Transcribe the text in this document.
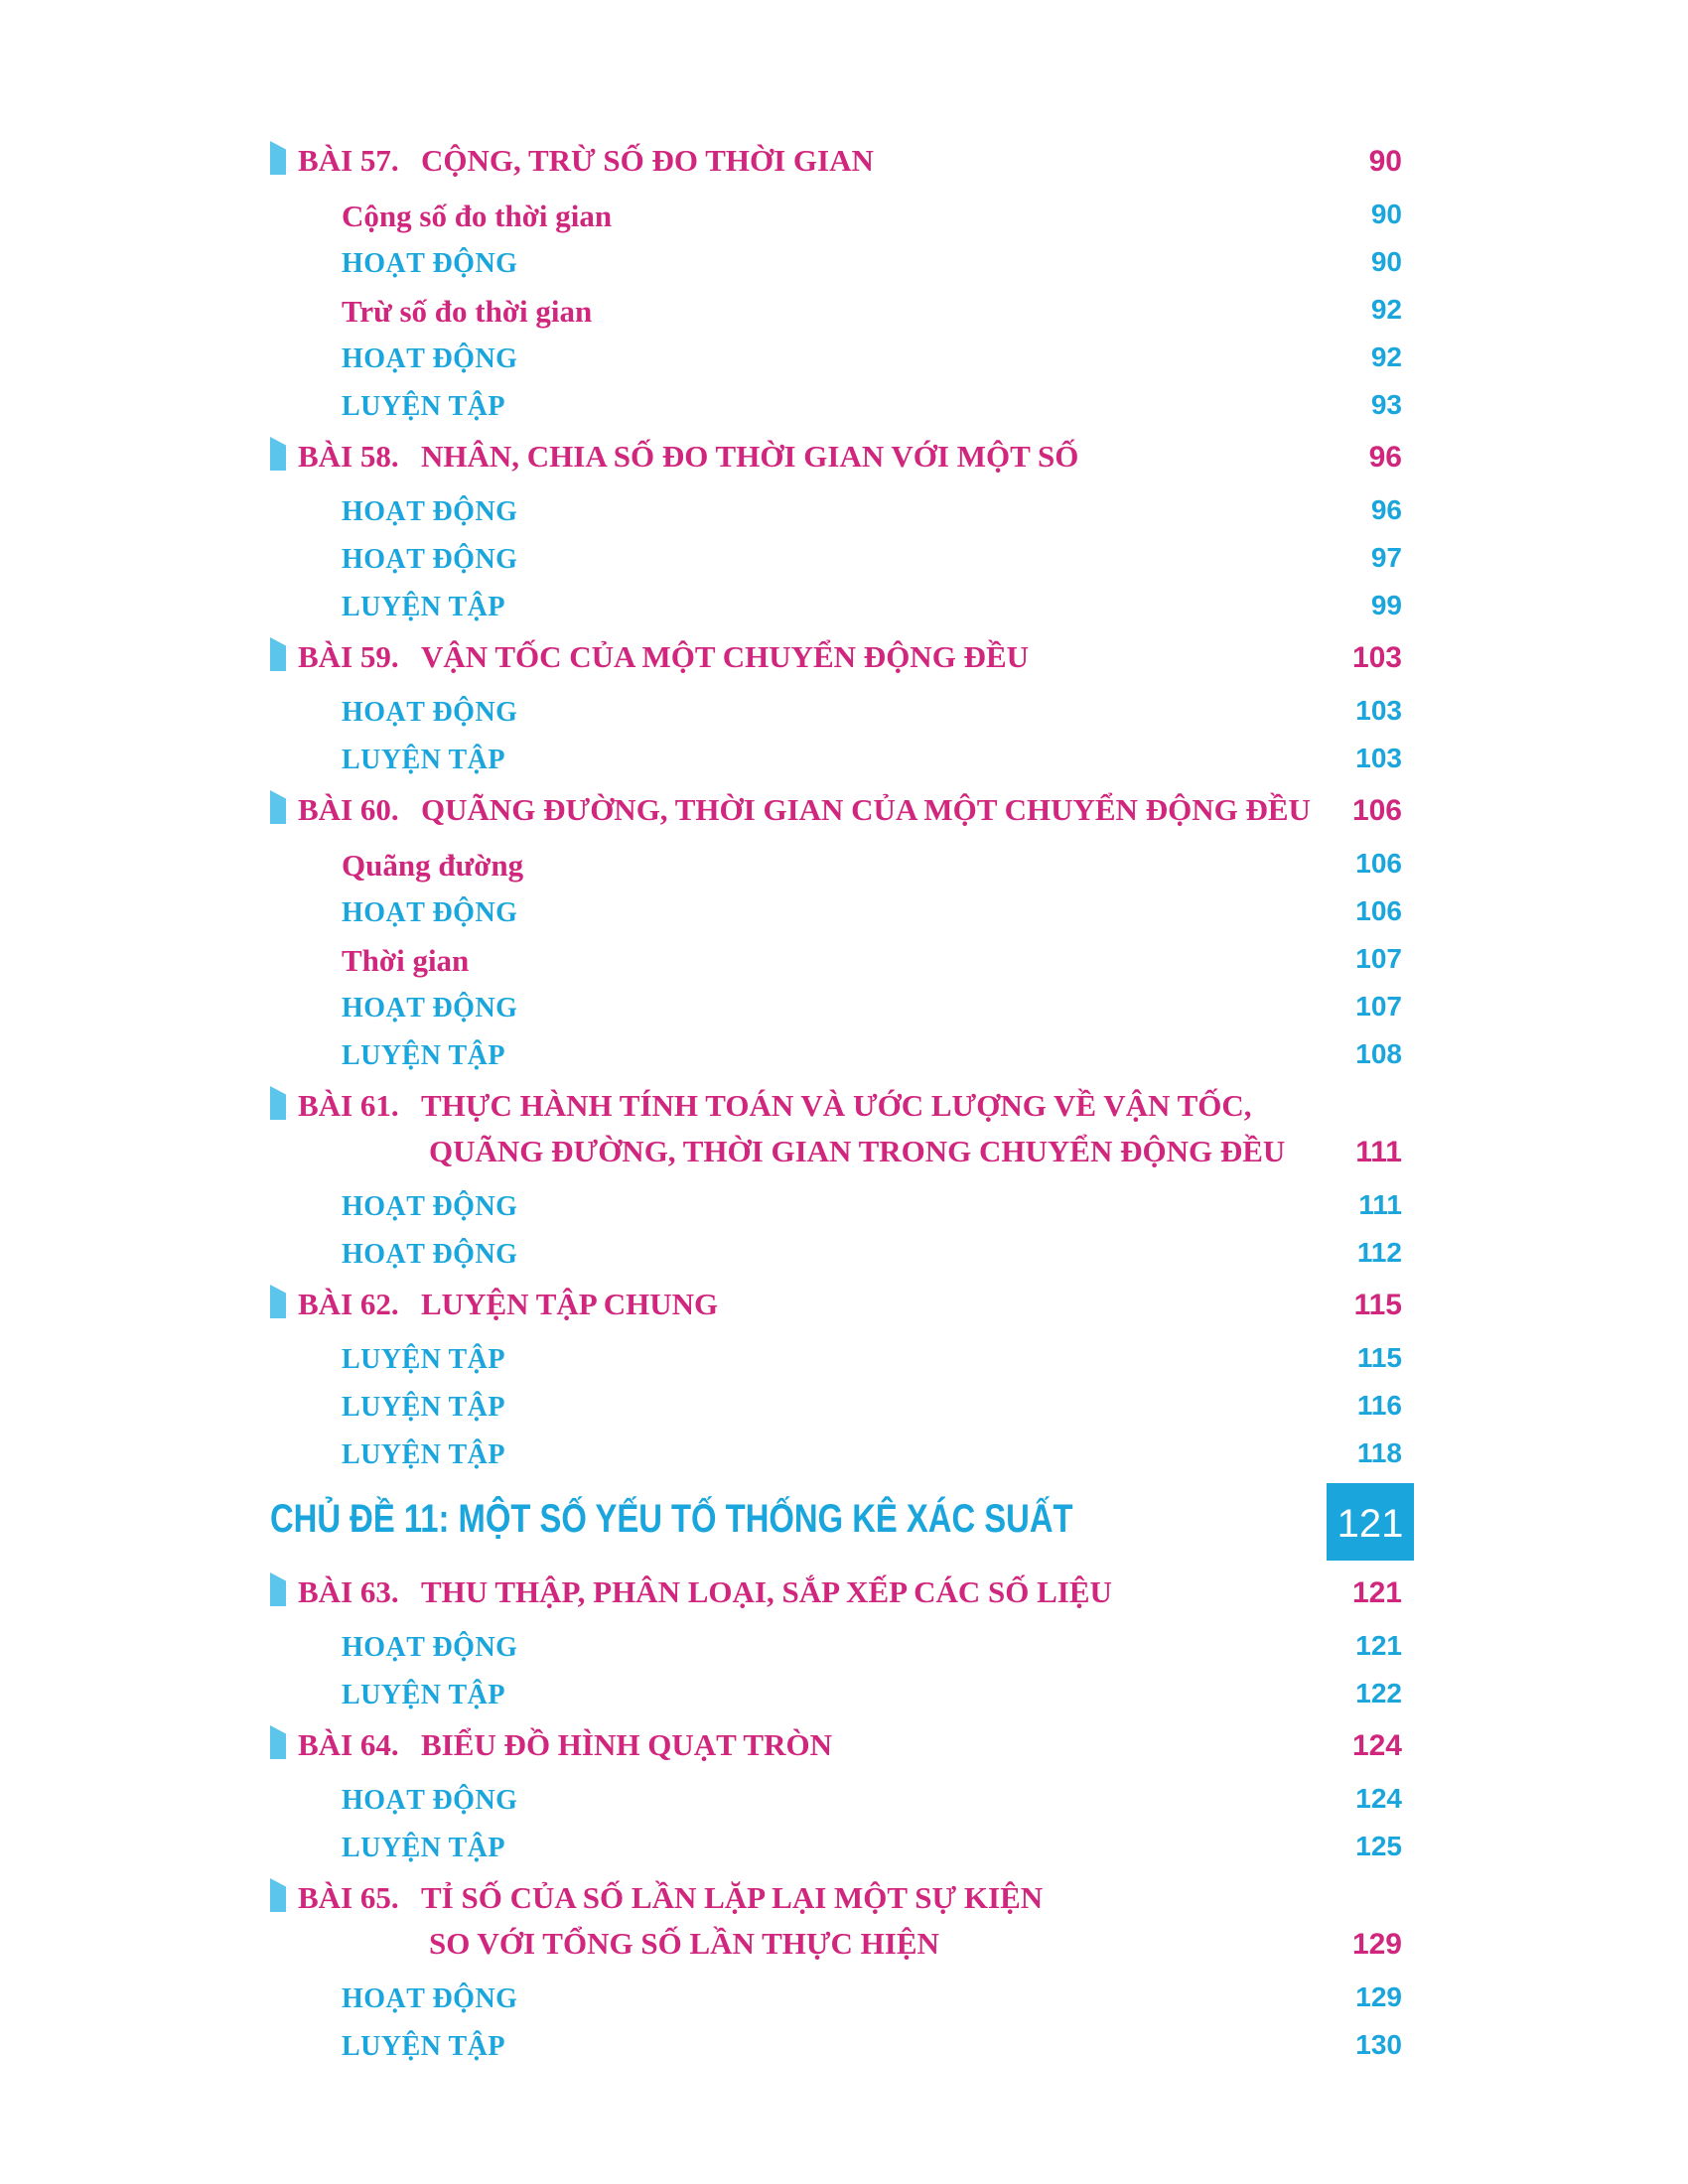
BÀI 57. CỘNG, TRỪ SỐ ĐO THỜI GIAN	90
Cộng số đo thời gian	90
HOẠT ĐỘNG	90
Trừ số đo thời gian	92
HOẠT ĐỘNG	92
LUYỆN TẬP	93
BÀI 58. NHÂN, CHIA SỐ ĐO THỜI GIAN VỚI MỘT SỐ	96
HOẠT ĐỘNG	96
HOẠT ĐỘNG	97
LUYỆN TẬP	99
BÀI 59. VẬN TỐC CỦA MỘT CHUYỂN ĐỘNG ĐỀU	103
HOẠT ĐỘNG	103
LUYỆN TẬP	103
BÀI 60. QUÃNG ĐƯỜNG, THỜI GIAN CỦA MỘT CHUYỂN ĐỘNG ĐỀU 106
Quãng đường	106
HOẠT ĐỘNG	106
Thời gian	107
HOẠT ĐỘNG	107
LUYỆN TẬP	108
BÀI 61. THỰC HÀNH TÍNH TOÁN VÀ ƯỚC LƯỢNG VỀ VẬN TỐC,
QUÃNG ĐƯỜNG, THỜI GIAN TRONG CHUYỂN ĐỘNG ĐỀU 111
HOẠT ĐỘNG	111
HOẠT ĐỘNG	112
BÀI 62. LUYỆN TẬP CHUNG	115
LUYỆN TẬP	115
LUYỆN TẬP	116
LUYỆN TẬP	118
CHỦ ĐỀ 11: MỘT SỐ YẾU TỐ THỐNG KÊ XÁC SUẤT	121
BÀI 63. THU THẬP, PHÂN LOẠI, SẮP XẾP CÁC SỐ LIỆU	121
HOẠT ĐỘNG	121
LUYỆN TẬP	122
BÀI 64. BIỂU ĐỒ HÌNH QUẠT TRÒN	124
HOẠT ĐỘNG	124
LUYỆN TẬP	125
BÀI 65. TỈ SỐ CỦA SỐ LẦN LẶP LẠI MỘT SỰ KIỆN
SO VỚI TỔNG SỐ LẦN THỰC HIỆN	129
HOẠT ĐỘNG	129
LUYỆN TẬP	130
